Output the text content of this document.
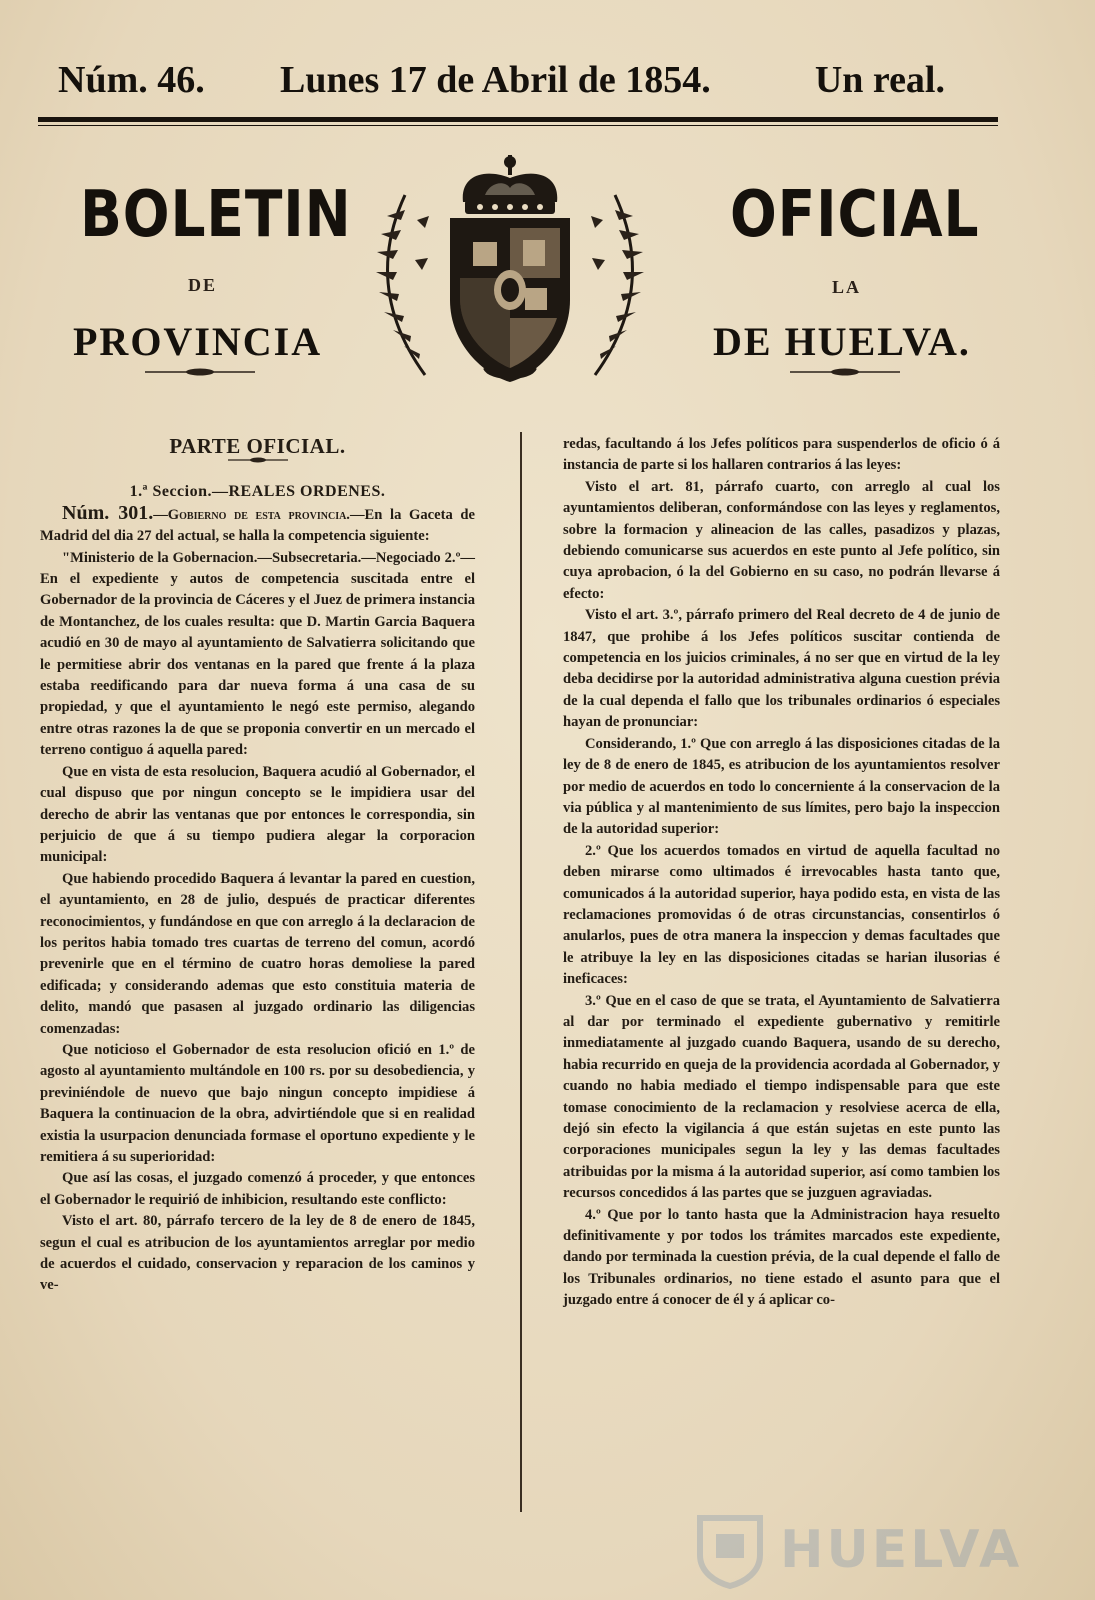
Núm. 46. Lunes 17 de Abril de 1854.	Un real.
BOLETIN	OFICIAL
DE	LA
PROVINCIA	DE HUELVA.

PARTE OFICIAL.

1.ª Seccion.—REALES ORDENES.

Núm. 301.—Gobierno de esta provincia.—En la Gaceta de Madrid del dia 27 del actual, se halla la competencia siguiente:

"Ministerio de la Gobernacion.—Subsecretaria.—Negociado 2.º—En el expediente y autos de competencia suscitada entre el Gobernador de la provincia de Cáceres y el Juez de primera instancia de Montanchez, de los cuales resulta: que D. Martin Garcia Baquera acudió en 30 de mayo al ayuntamiento de Salvatierra solicitando que le permitiese abrir dos ventanas en la pared que frente á la plaza estaba reedificando para dar nueva forma á una casa de su propiedad, y que el ayuntamiento le negó este permiso, alegando entre otras razones la de que se proponia convertir en un mercado el terreno contiguo á aquella pared:

Que en vista de esta resolucion, Baquera acudió al Gobernador, el cual dispuso que por ningun concepto se le impidiera usar del derecho de abrir las ventanas que por entonces le correspondia, sin perjuicio de que á su tiempo pudiera alegar la corporacion municipal:

Que habiendo procedido Baquera á levantar la pared en cuestion, el ayuntamiento, en 28 de julio, después de practicar diferentes reconocimientos, y fundándose en que con arreglo á la declaracion de los peritos habia tomado tres cuartas de terreno del comun, acordó prevenirle que en el término de cuatro horas demoliese la pared edificada; y considerando ademas que esto constituia materia de delito, mandó que pasasen al juzgado ordinario las diligencias comenzadas:

Que noticioso el Gobernador de esta resolucion ofició en 1.º de agosto al ayuntamiento multándole en 100 rs. por su desobediencia, y previniéndole de nuevo que bajo ningun concepto impidiese á Baquera la continuacion de la obra, advirtiéndole que si en realidad existia la usurpacion denunciada formase el oportuno expediente y le remitiera á su superioridad:

Que así las cosas, el juzgado comenzó á proceder, y que entonces el Gobernador le requirió de inhibicion, resultando este conflicto:

Visto el art. 80, párrafo tercero de la ley de 8 de enero de 1845, segun el cual es atribucion de los ayuntamientos arreglar por medio de acuerdos el cuidado, conservacion y reparacion de los caminos y ve-

redas, facultando á los Jefes políticos para suspenderlos de oficio ó á instancia de parte si los hallaren contrarios á las leyes:

Visto el art. 81, párrafo cuarto, con arreglo al cual los ayuntamientos deliberan, conformándose con las leyes y reglamentos, sobre la formacion y alineacion de las calles, pasadizos y plazas, debiendo comunicarse sus acuerdos en este punto al Jefe político, sin cuya aprobacion, ó la del Gobierno en su caso, no podrán llevarse á efecto:

Visto el art. 3.º, párrafo primero del Real decreto de 4 de junio de 1847, que prohibe á los Jefes políticos suscitar contienda de competencia en los juicios criminales, á no ser que en virtud de la ley deba decidirse por la autoridad administrativa alguna cuestion prévia de la cual dependa el fallo que los tribunales ordinarios ó especiales hayan de pronunciar:

Considerando, 1.º Que con arreglo á las disposiciones citadas de la ley de 8 de enero de 1845, es atribucion de los ayuntamientos resolver por medio de acuerdos en todo lo concerniente á la conservacion de la via pública y al mantenimiento de sus límites, pero bajo la inspeccion de la autoridad superior:

2.º Que los acuerdos tomados en virtud de aquella facultad no deben mirarse como ultimados é irrevocables hasta tanto que, comunicados á la autoridad superior, haya podido esta, en vista de las reclamaciones promovidas ó de otras circunstancias, consentirlos ó anularlos, pues de otra manera la inspeccion y demas facultades que le atribuye la ley en las disposiciones citadas se harian ilusorias é ineficaces:

3.º Que en el caso de que se trata, el Ayuntamiento de Salvatierra al dar por terminado el expediente gubernativo y remitirle inmediatamente al juzgado cuando Baquera, usando de su derecho, habia recurrido en queja de la providencia acordada al Gobernador, y cuando no habia mediado el tiempo indispensable para que este tomase conocimiento de la reclamacion y resolviese acerca de ella, dejó sin efecto la vigilancia á que están sujetas en este punto las corporaciones municipales segun la ley y las demas facultades atribuidas por la misma á la autoridad superior, así como tambien los recursos concedidos á las partes que se juzguen agraviadas.

4.º Que por lo tanto hasta que la Administracion haya resuelto definitivamente y por todos los trámites marcados este expediente, dando por terminada la cuestion prévia, de la cual depende el fallo de los Tribunales ordinarios, no tiene estado el asunto para que el juzgado entre á conocer de él y á aplicar co-

HUELVA
